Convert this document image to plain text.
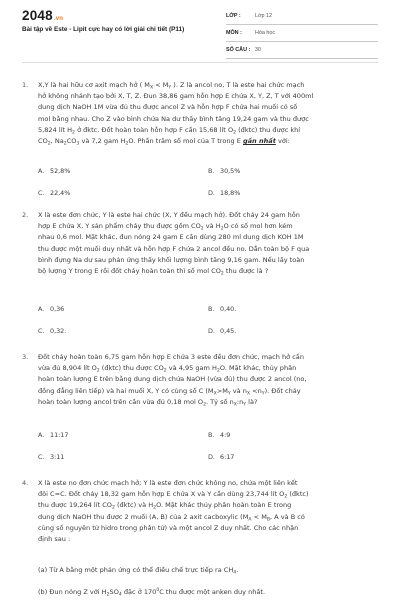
2048.vn
Bài tập về Este - Lipit cực hay có lời giải chi tiết (P11)
LỚP :	Lớp 12
MÔN :	Hóa học
SỐ CÂU : 30
1.	X,Y là hai hữu cơ axit mạch hở ( $M_X < M_Y$ ). Z là ancol no, T là este hai chức mạch
hở không nhánh tạo bởi X, T, Z. Đun 38,86 gam hỗn hợp E chứa X, Y, Z, T với 400ml
dung dịch NaOH 1M vừa đủ thu được ancol Z và hỗn hợp F chứa hai muối có số
mol bằng nhau. Cho Z vào bình chứa Na dư thấy bình tăng 19,24 gam và thu được
5,824 lít $H_2$ ở đktc. Đốt hoàn toàn hỗn hợp F cần 15,68 lít $O_2$ (đktc) thu được khí
$CO_2$, $Na_2CO_3$ và 7,2 gam $H_2O$. Phần trăm số mol của T trong E gần nhất với:
A. 52,8%	B. 30,5%
C. 22,4%	D. 18,8%
2.	X là este đơn chức, Y là este hai chức (X, Y đều mạch hở). Đốt cháy 24 gam hỗn
hợp E chứa X, Y sản phẩm cháy thu được gồm $CO_2$ và $H_2O$ có số mol hơn kém
nhau 0,6 mol. Mặt khác, đun nóng 24 gam E cần dùng 280 ml dung dịch KOH 1M
thu được một muối duy nhất và hỗn hợp F chứa 2 ancol đều no. Dẫn toàn bộ F qua
bình đựng Na dư sau phản ứng thấy khối lượng bình tăng 9,16 gam. Nếu lấy toàn
bộ lượng Y trong E rồi đốt cháy hoàn toàn thì số mol $CO_2$ thu được là ?
A. 0,36	B. 0,40.
C. 0,32.	D. 0,45.
3.	Đốt cháy hoàn toàn 6,75 gam hỗn hợp E chứa 3 este đều đơn chức, mạch hở cần
vừa đủ 8,904 lít $O_2$ (đktc) thu được $CO_2$ và 4,95 gam $H_2O$. Mặt khác, thủy phân
hoàn toàn lượng E trên bằng dung dịch chứa NaOH (vừa đủ) thu được 2 ancol (no,
đồng đẳng liên tiếp) và hai muối X, Y có cùng số C ($M_X>M_Y$ và $n_X <n_Y$). Đốt cháy
hoàn toàn lượng ancol trên cần vừa đủ 0,18 mol $O_2$. Tỷ số $n_X:n_Y$ là?
A. 11:17	B. 4:9
C. 3:11	D. 6:17
4.	X là este no đơn chức mạch hở; Y là este đơn chức không no, chứa một liên kết
đôi C=C. Đốt cháy 18,32 gam hỗn hợp E chứa X và Y cần dùng 23,744 lít $O_2$ (đktc)
thu được 19,264 lít $CO_2$ (đktc) và $H_2O$. Mặt khác thủy phân hoàn toàn E trong
dung dịch NaOH thu được 2 muối (A, B) của 2 axit cacboxylic ($M_A < M_B$, A và B có
cùng số nguyên tử hidro trong phân tử) và một ancol Z duy nhất. Cho các nhận
định sau :
(a) Từ A bằng một phản ứng có thể điều chế trực tiếp ra $CH_4$.
(b) Đun nóng Z với $H_2SO_4$ đặc ở $170^0C$ thu được một anken duy nhất.
